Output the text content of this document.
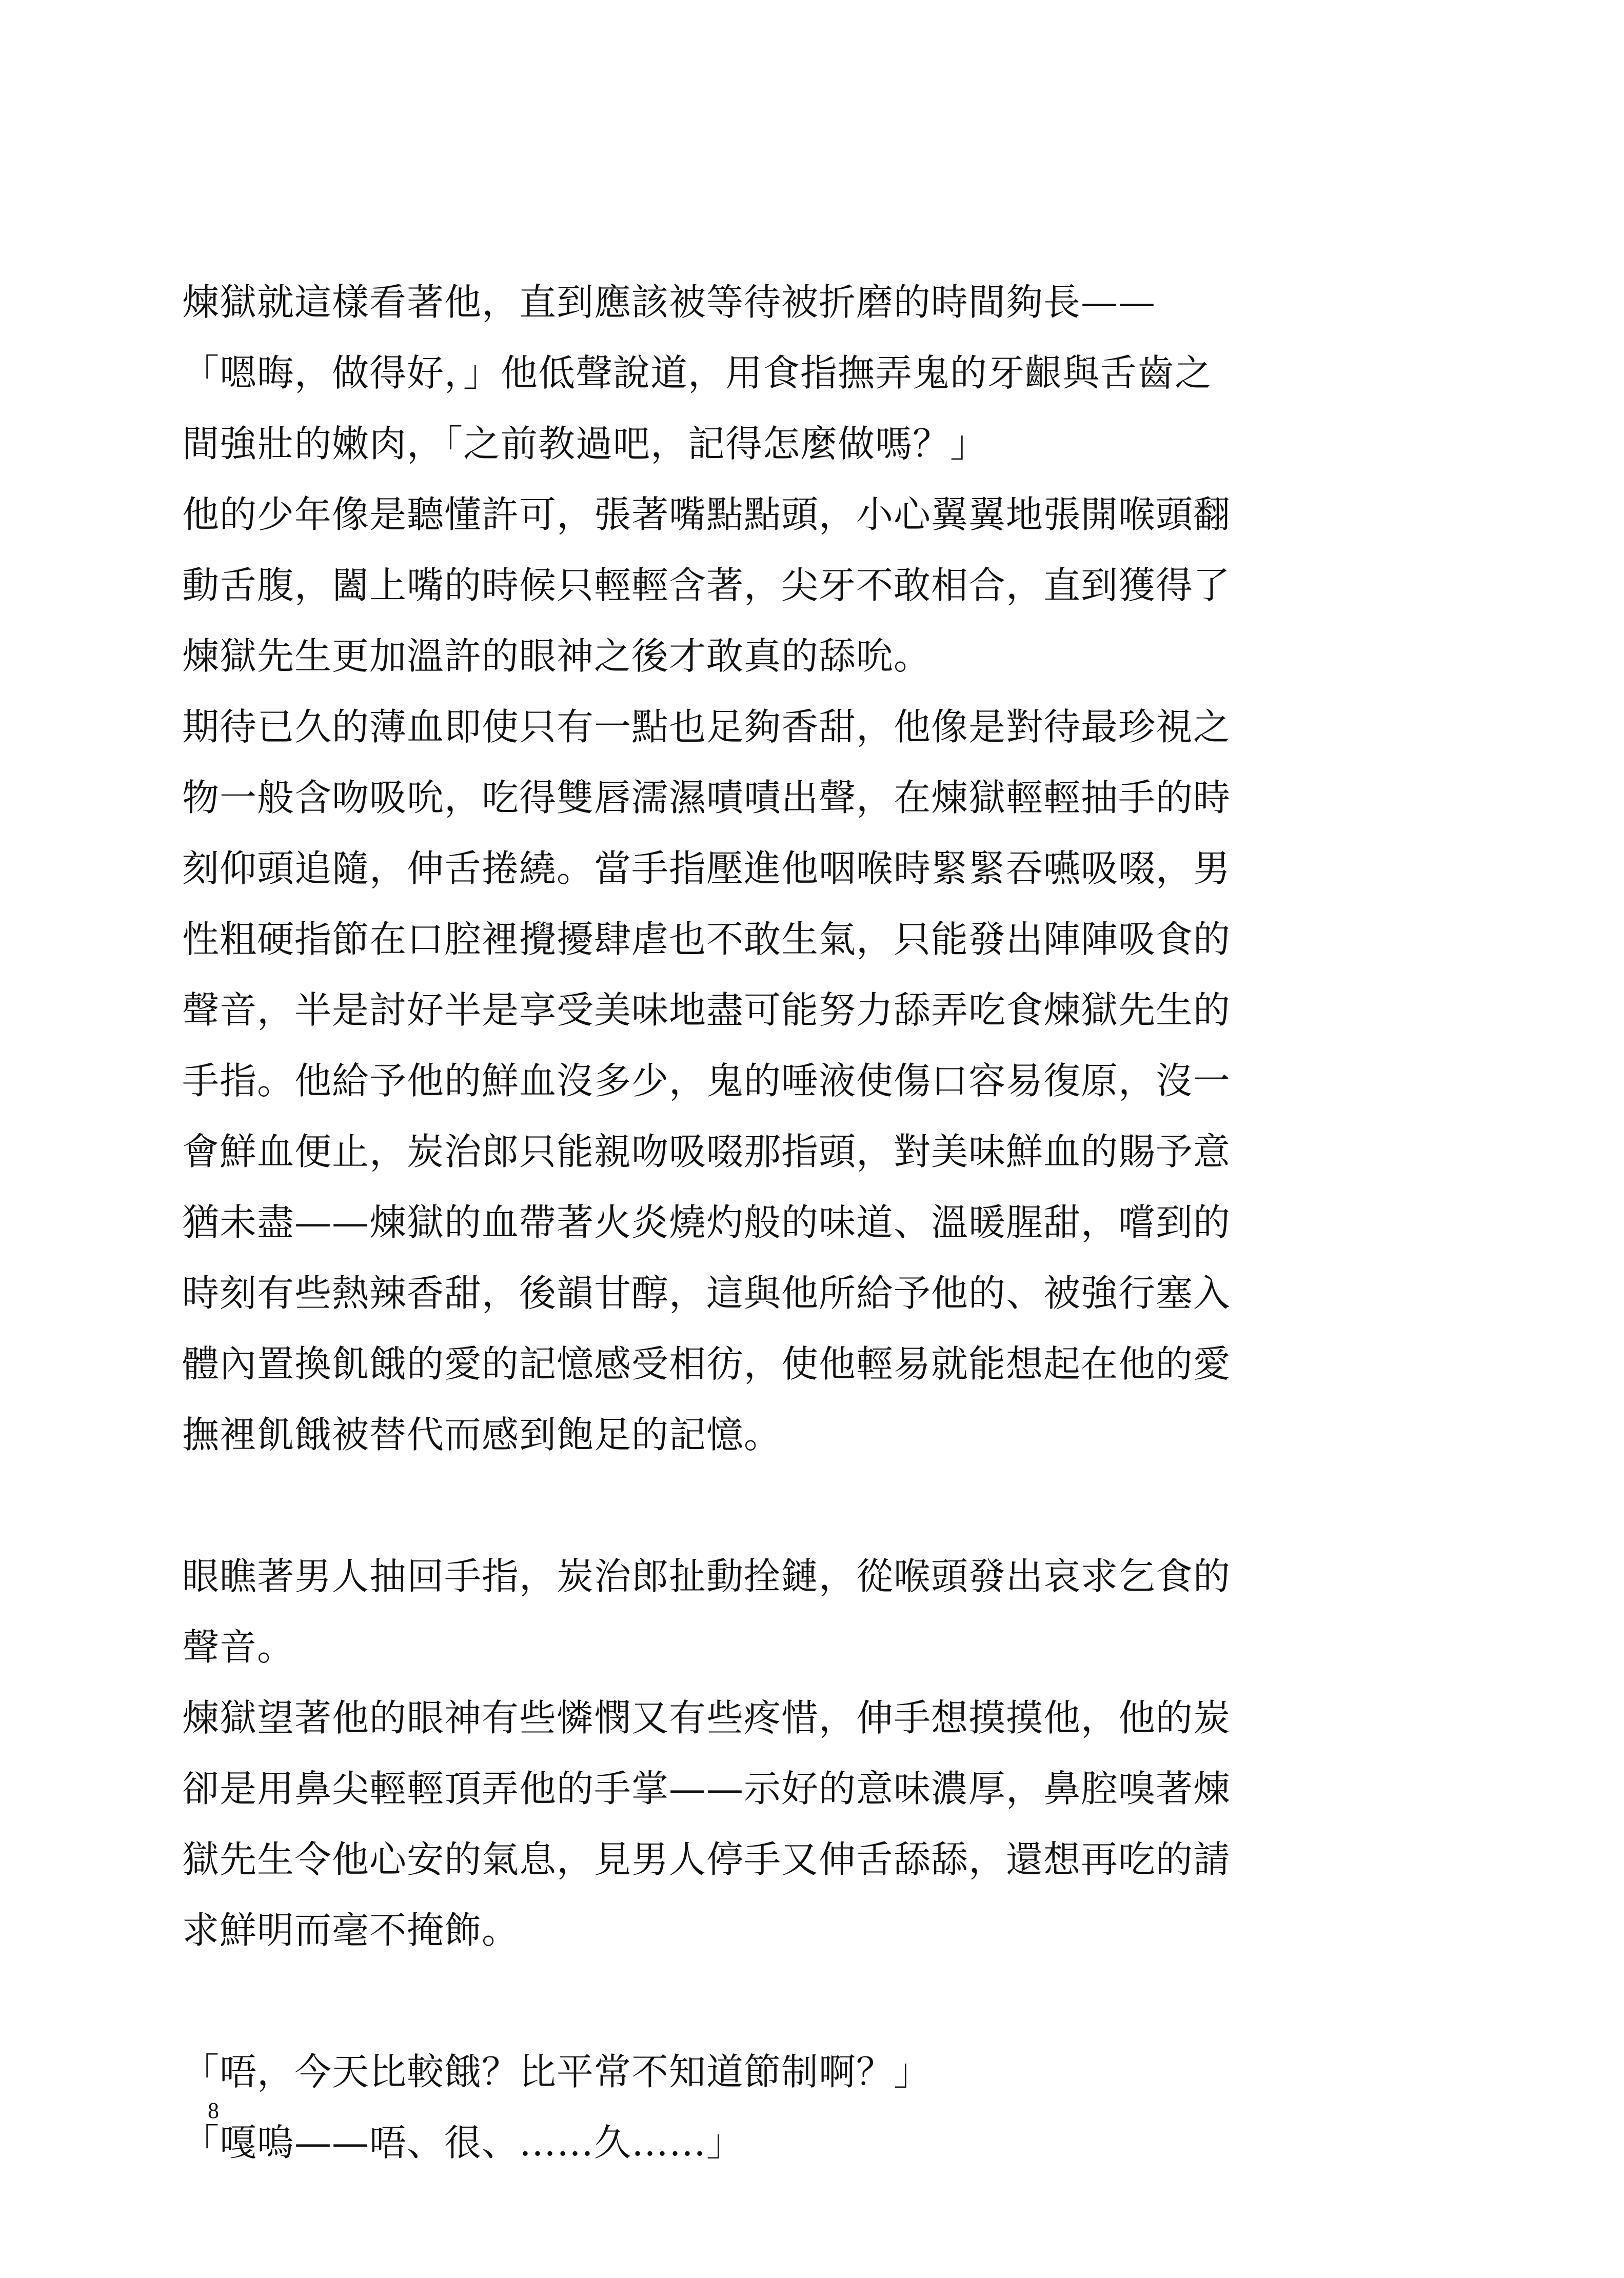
煉獄就這樣看著他，直到應該被等待被折磨的時間夠長——
「嗯晦，做得好，」他低聲說道，用食指撫弄鬼的牙齦與舌齒之
間強壯的嫩肉，「之前教過吧，記得怎麼做嗎？」
他的少年像是聽懂許可，張著嘴點點頭，小心翼翼地張開喉頭翻
動舌腹，闔上嘴的時候只輕輕含著，尖牙不敢相合，直到獲得了
煉獄先生更加溫許的眼神之後才敢真的舔吮。
期待已久的薄血即使只有一點也足夠香甜，他像是對待最珍視之
物一般含吻吸吮，吃得雙唇濡濕嘖嘖出聲，在煉獄輕輕抽手的時
刻仰頭追隨，伸舌捲繞。當手指壓進他咽喉時緊緊吞嚥吸啜，男
性粗硬指節在口腔裡攪擾肆虐也不敢生氣，只能發出陣陣吸食的
聲音，半是討好半是享受美味地盡可能努力舔弄吃食煉獄先生的
手指。他給予他的鮮血沒多少，鬼的唾液使傷口容易復原，沒一
會鮮血便止，炭治郎只能親吻吸啜那指頭，對美味鮮血的賜予意
猶未盡——煉獄的血帶著火炎燒灼般的味道、溫暖腥甜，嚐到的
時刻有些熱辣香甜，後韻甘醇，這與他所給予他的、被強行塞入
體內置換飢餓的愛的記憶感受相彷，使他輕易就能想起在他的愛
撫裡飢餓被替代而感到飽足的記憶。
眼瞧著男人抽回手指，炭治郎扯動拴鏈，從喉頭發出哀求乞食的
聲音。
煉獄望著他的眼神有些憐憫又有些疼惜，伸手想摸摸他，他的炭
卻是用鼻尖輕輕頂弄他的手掌——示好的意味濃厚，鼻腔嗅著煉
獄先生令他心安的氣息，見男人停手又伸舌舔舔，還想再吃的請
求鮮明而毫不掩飾。
「唔，今天比較餓？比平常不知道節制啊？」
「嘎嗚——唔、很、……久……」
8
